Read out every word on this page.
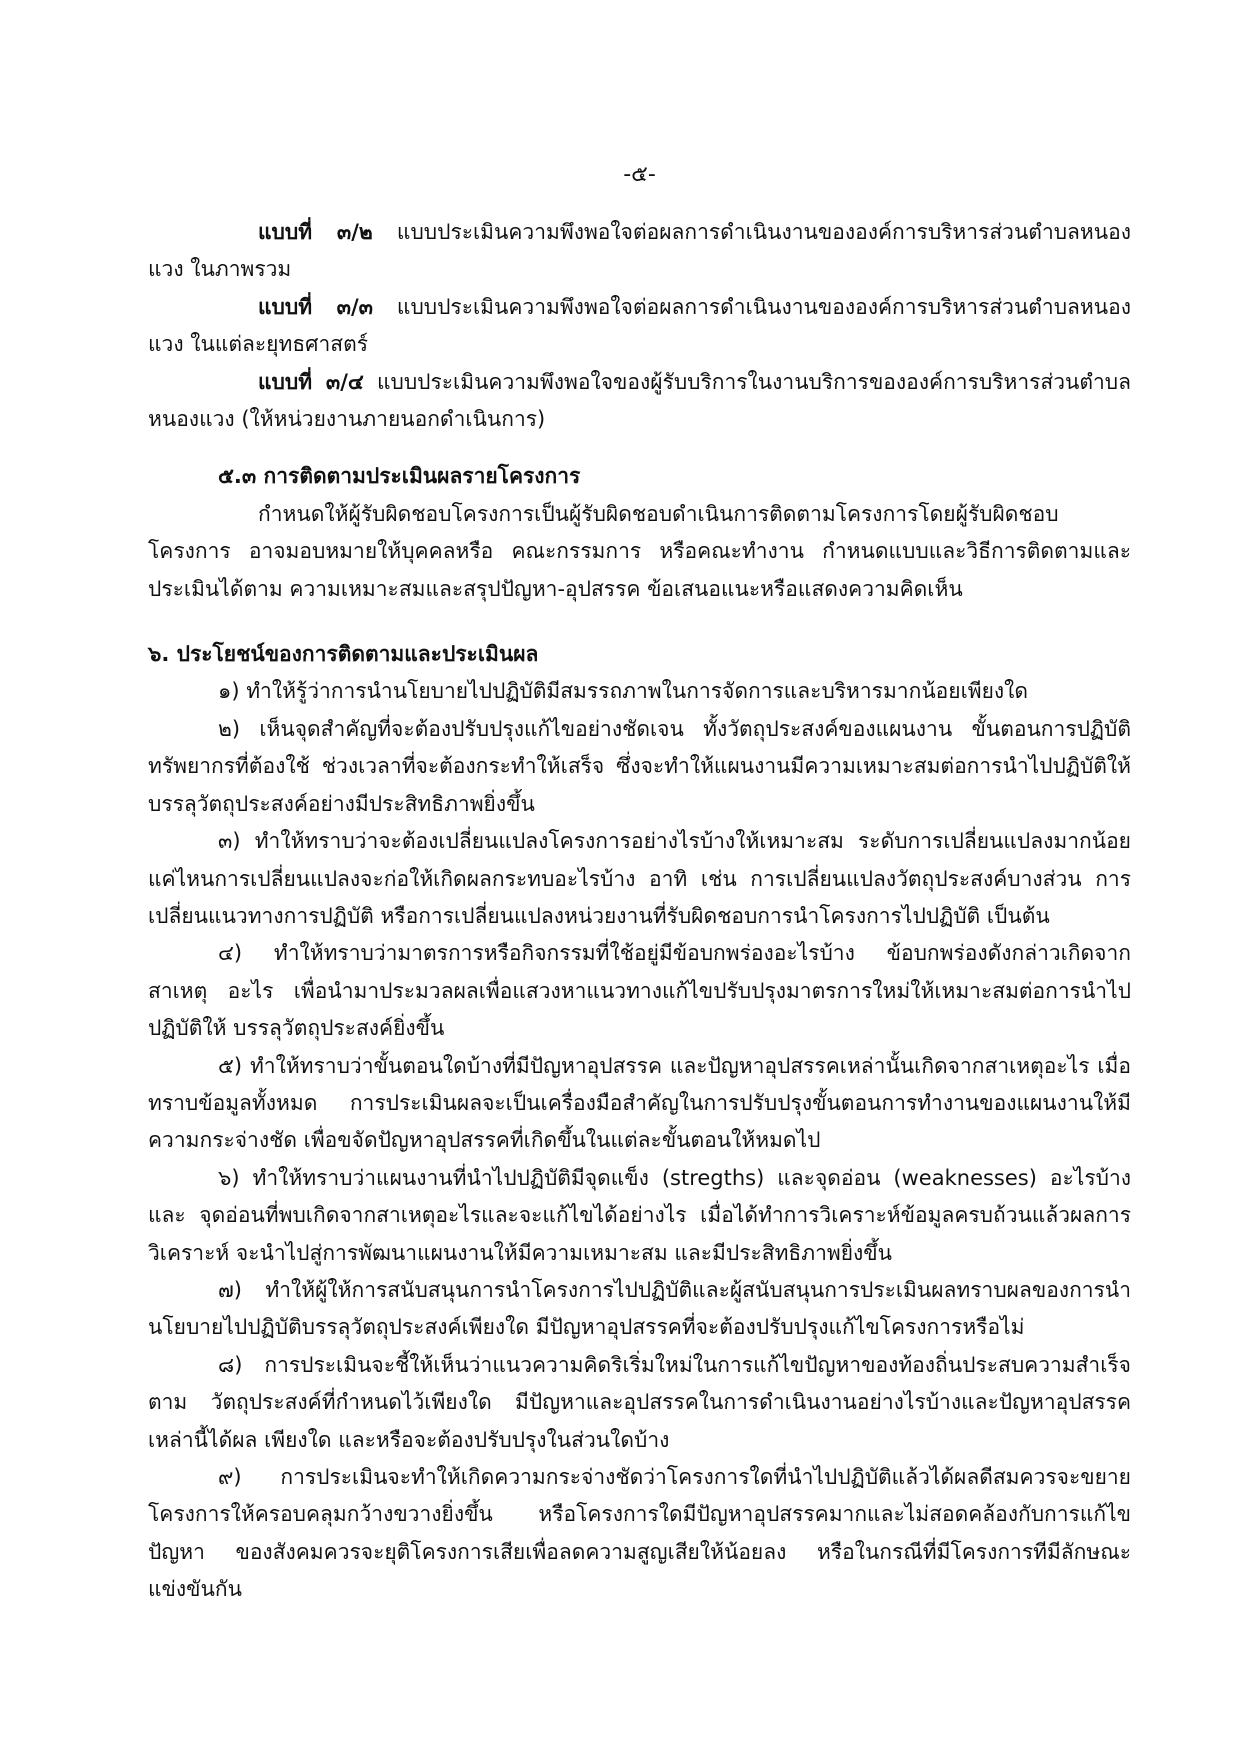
-๕-

แบบที่ ๓/๒ แบบประเมินความพึงพอใจต่อผลการดำเนินงานขององค์การบริหารส่วนตำบลหนองแวง ในภาพรวม

แบบที่ ๓/๓ แบบประเมินความพึงพอใจต่อผลการดำเนินงานขององค์การบริหารส่วนตำบลหนองแวง ในแต่ละยุทธศาสตร์

แบบที่ ๓/๔ แบบประเมินความพึงพอใจของผู้รับบริการในงานบริการขององค์การบริหารส่วนตำบล หนองแวง (ให้หน่วยงานภายนอกดำเนินการ)

๕.๓ การติดตามประเมินผลรายโครงการ

กำหนดให้ผู้รับผิดชอบโครงการเป็นผู้รับผิดชอบดำเนินการติดตามโครงการโดยผู้รับผิดชอบโครงการ อาจมอบหมายให้บุคคลหรือ คณะกรรมการ หรือคณะทำงาน กำหนดแบบและวิธีการติดตามและประเมินได้ตาม ความเหมาะสมและสรุปปัญหา-อุปสรรค ข้อเสนอแนะหรือแสดงความคิดเห็น

๖. ประโยชน์ของการติดตามและประเมินผล

๑) ทำให้รู้ว่าการนำนโยบายไปปฏิบัติมีสมรรถภาพในการจัดการและบริหารมากน้อยเพียงใด

๒) เห็นจุดสำคัญที่จะต้องปรับปรุงแก้ไขอย่างชัดเจน ทั้งวัตถุประสงค์ของแผนงาน ขั้นตอนการปฏิบัติ ทรัพยากรที่ต้องใช้ ช่วงเวลาที่จะต้องกระทำให้เสร็จ ซึ่งจะทำให้แผนงานมีความเหมาะสมต่อการนำไปปฏิบัติให้ บรรลุวัตถุประสงค์อย่างมีประสิทธิภาพยิ่งขึ้น

๓) ทำให้ทราบว่าจะต้องเปลี่ยนแปลงโครงการอย่างไรบ้างให้เหมาะสม ระดับการเปลี่ยนแปลงมากน้อย แค่ไหนการเปลี่ยนแปลงจะก่อให้เกิดผลกระทบอะไรบ้าง อาทิ เช่น การเปลี่ยนแปลงวัตถุประสงค์บางส่วน การเปลี่ยนแนวทางการปฏิบัติ หรือการเปลี่ยนแปลงหน่วยงานที่รับผิดชอบการนำโครงการไปปฏิบัติ เป็นต้น

๔) ทำให้ทราบว่ามาตรการหรือกิจกรรมที่ใช้อยู่มีข้อบกพร่องอะไรบ้าง ข้อบกพร่องดังกล่าวเกิดจากสาเหตุ อะไร เพื่อนำมาประมวลผลเพื่อแสวงหาแนวทางแก้ไขปรับปรุงมาตรการใหม่ให้เหมาะสมต่อการนำไปปฏิบัติให้ บรรลุวัตถุประสงค์ยิ่งขึ้น

๕) ทำให้ทราบว่าขั้นตอนใดบ้างที่มีปัญหาอุปสรรค และปัญหาอุปสรรคเหล่านั้นเกิดจากสาเหตุอะไร เมื่อทราบข้อมูลทั้งหมด การประเมินผลจะเป็นเครื่องมือสำคัญในการปรับปรุงขั้นตอนการทำงานของแผนงานให้มี ความกระจ่างชัด เพื่อขจัดปัญหาอุปสรรคที่เกิดขึ้นในแต่ละขั้นตอนให้หมดไป

๖) ทำให้ทราบว่าแผนงานที่นำไปปฏิบัติมีจุดแข็ง (stregths) และจุดอ่อน (weaknesses) อะไรบ้างและ จุดอ่อนที่พบเกิดจากสาเหตุอะไรและจะแก้ไขได้อย่างไร เมื่อได้ทำการวิเคราะห์ข้อมูลครบถ้วนแล้วผลการวิเคราะห์ จะนำไปสู่การพัฒนาแผนงานให้มีความเหมาะสม และมีประสิทธิภาพยิ่งขึ้น

๗) ทำให้ผู้ให้การสนับสนุนการนำโครงการไปปฏิบัติและผู้สนับสนุนการประเมินผลทราบผลของการนำ นโยบายไปปฏิบัติบรรลุวัตถุประสงค์เพียงใด มีปัญหาอุปสรรคที่จะต้องปรับปรุงแก้ไขโครงการหรือไม่

๘) การประเมินจะชี้ให้เห็นว่าแนวความคิดริเริ่มใหม่ในการแก้ไขปัญหาของท้องถิ่นประสบความสำเร็จตาม วัตถุประสงค์ที่กำหนดไว้เพียงใด มีปัญหาและอุปสรรคในการดำเนินงานอย่างไรบ้างและปัญหาอุปสรรคเหล่านี้ได้ผล เพียงใด และหรือจะต้องปรับปรุงในส่วนใดบ้าง

๙) การประเมินจะทำให้เกิดความกระจ่างชัดว่าโครงการใดที่นำไปปฏิบัติแล้วได้ผลดีสมควรจะขยาย โครงการให้ครอบคลุมกว้างขวางยิ่งขึ้น หรือโครงการใดมีปัญหาอุปสรรคมากและไม่สอดคล้องกับการแก้ไขปัญหา ของสังคมควรจะยุติโครงการเสียเพื่อลดความสูญเสียให้น้อยลง หรือในกรณีที่มีโครงการทีมีลักษณะแข่งขันกัน
